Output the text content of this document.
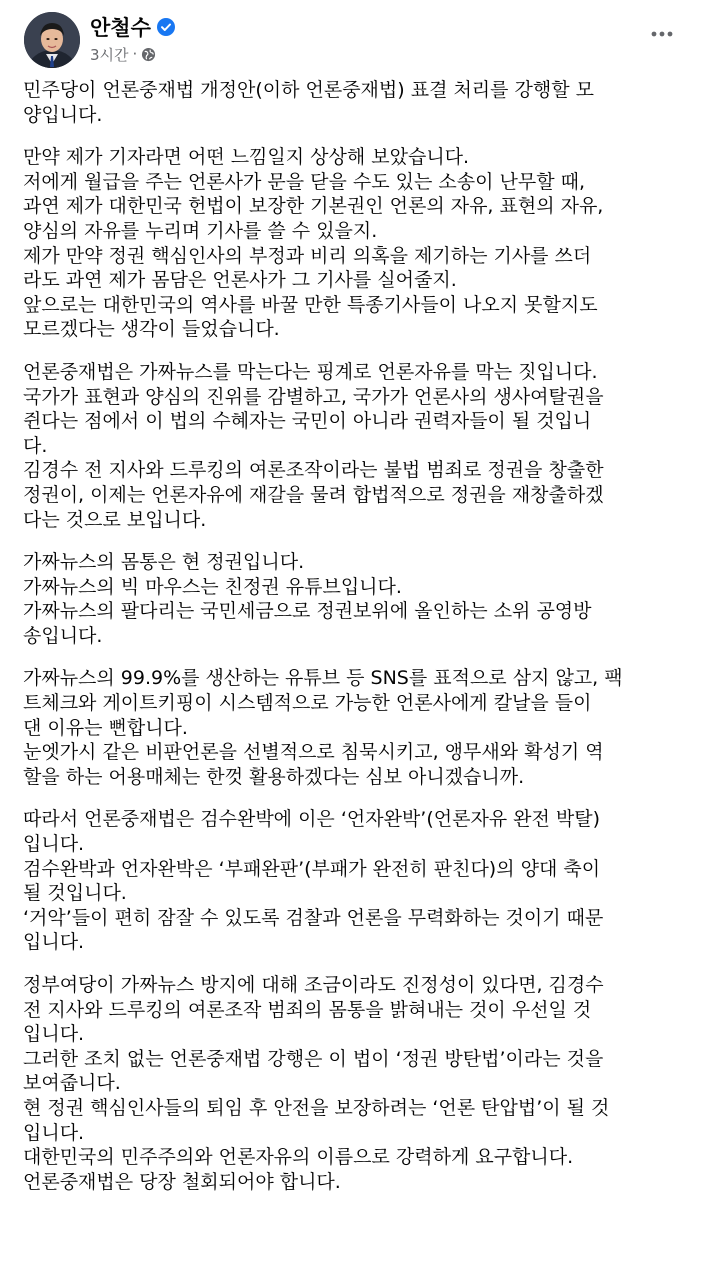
안철수
3시간 ·

민주당이 언론중재법 개정안(이하 언론중재법) 표결 처리를 강행할 모
양입니다.

만약 제가 기자라면 어떤 느낌일지 상상해 보았습니다.
저에게 월급을 주는 언론사가 문을 닫을 수도 있는 소송이 난무할 때,
과연 제가 대한민국 헌법이 보장한 기본권인 언론의 자유, 표현의 자유,
양심의 자유를 누리며 기사를 쓸 수 있을지.
제가 만약 정권 핵심인사의 부정과 비리 의혹을 제기하는 기사를 쓰더
라도 과연 제가 몸담은 언론사가 그 기사를 실어줄지.
앞으로는 대한민국의 역사를 바꿀 만한 특종기사들이 나오지 못할지도
모르겠다는 생각이 들었습니다.

언론중재법은 가짜뉴스를 막는다는 핑계로 언론자유를 막는 짓입니다.
국가가 표현과 양심의 진위를 감별하고, 국가가 언론사의 생사여탈권을
쥔다는 점에서 이 법의 수혜자는 국민이 아니라 권력자들이 될 것입니
다.
김경수 전 지사와 드루킹의 여론조작이라는 불법 범죄로 정권을 창출한
정권이, 이제는 언론자유에 재갈을 물려 합법적으로 정권을 재창출하겠
다는 것으로 보입니다.

가짜뉴스의 몸통은 현 정권입니다.
가짜뉴스의 빅 마우스는 친정권 유튜브입니다.
가짜뉴스의 팔다리는 국민세금으로 정권보위에 올인하는 소위 공영방
송입니다.

가짜뉴스의 99.9%를 생산하는 유튜브 등 SNS를 표적으로 삼지 않고, 팩
트체크와 게이트키핑이 시스템적으로 가능한 언론사에게 칼날을 들이
댄 이유는 뻔합니다.
눈엣가시 같은 비판언론을 선별적으로 침묵시키고, 앵무새와 확성기 역
할을 하는 어용매체는 한껏 활용하겠다는 심보 아니겠습니까.

따라서 언론중재법은 검수완박에 이은 ‘언자완박’(언론자유 완전 박탈)
입니다.
검수완박과 언자완박은 ‘부패완판’(부패가 완전히 판친다)의 양대 축이
될 것입니다.
‘거악’들이 편히 잠잘 수 있도록 검찰과 언론을 무력화하는 것이기 때문
입니다.

정부여당이 가짜뉴스 방지에 대해 조금이라도 진정성이 있다면, 김경수
전 지사와 드루킹의 여론조작 범죄의 몸통을 밝혀내는 것이 우선일 것
입니다.
그러한 조치 없는 언론중재법 강행은 이 법이 ‘정권 방탄법’이라는 것을
보여줍니다.
현 정권 핵심인사들의 퇴임 후 안전을 보장하려는 ‘언론 탄압법’이 될 것
입니다.
대한민국의 민주주의와 언론자유의 이름으로 강력하게 요구합니다.
언론중재법은 당장 철회되어야 합니다.
